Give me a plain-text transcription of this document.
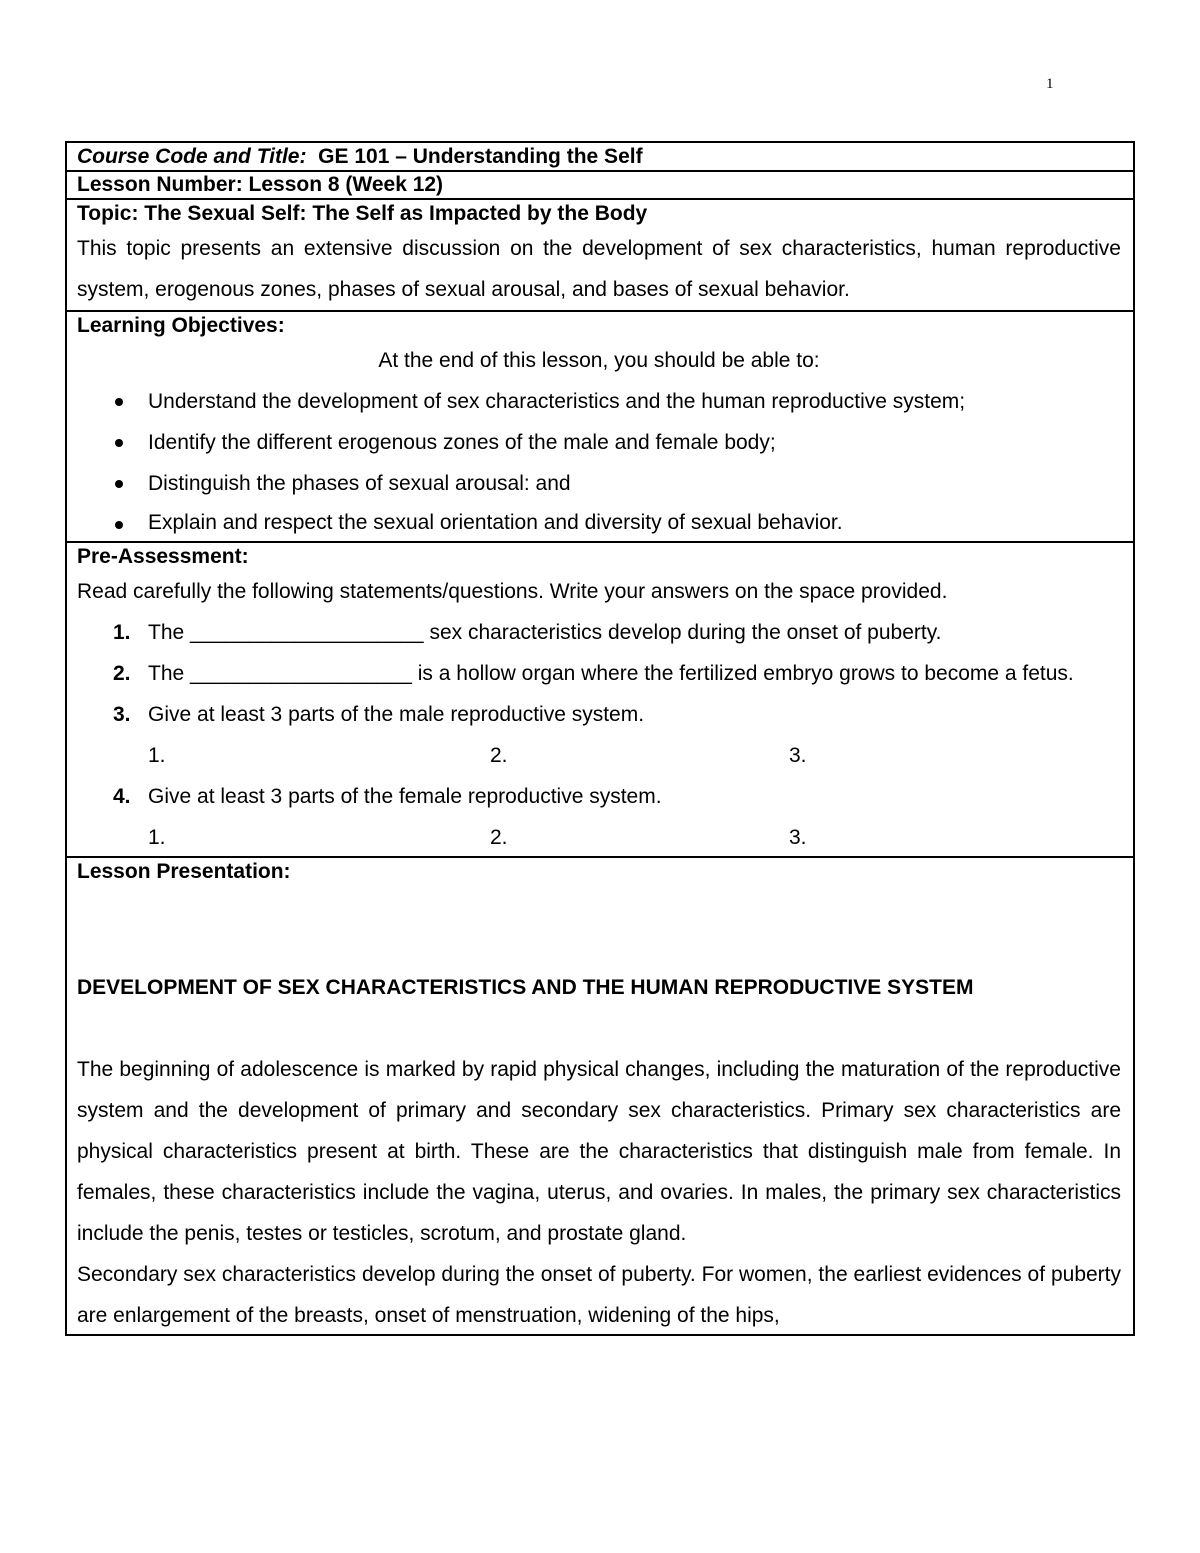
1
Course Code and Title: GE 101 – Understanding the Self
Lesson Number: Lesson 8 (Week 12)
Topic: The Sexual Self: The Self as Impacted by the Body
This topic presents an extensive discussion on the development of sex characteristics, human reproductive system, erogenous zones, phases of sexual arousal, and bases of sexual behavior.
Learning Objectives:
At the end of this lesson, you should be able to:
Understand the development of sex characteristics and the human reproductive system;
Identify the different erogenous zones of the male and female body;
Distinguish the phases of sexual arousal: and
Explain and respect the sexual orientation and diversity of sexual behavior.
Pre-Assessment:
Read carefully the following statements/questions. Write your answers on the space provided.
1. The ____________________ sex characteristics develop during the onset of puberty.
2. The ___________________ is a hollow organ where the fertilized embryo grows to become a fetus.
3. Give at least 3 parts of the male reproductive system.
1.	2.	3.
4. Give at least 3 parts of the female reproductive system.
1.	2.	3.
Lesson Presentation:
DEVELOPMENT OF SEX CHARACTERISTICS AND THE HUMAN REPRODUCTIVE SYSTEM
The beginning of adolescence is marked by rapid physical changes, including the maturation of the reproductive system and the development of primary and secondary sex characteristics. Primary sex characteristics are physical characteristics present at birth. These are the characteristics that distinguish male from female. In females, these characteristics include the vagina, uterus, and ovaries. In males, the primary sex characteristics include the penis, testes or testicles, scrotum, and prostate gland.
Secondary sex characteristics develop during the onset of puberty. For women, the earliest evidences of puberty are enlargement of the breasts, onset of menstruation, widening of the hips,
